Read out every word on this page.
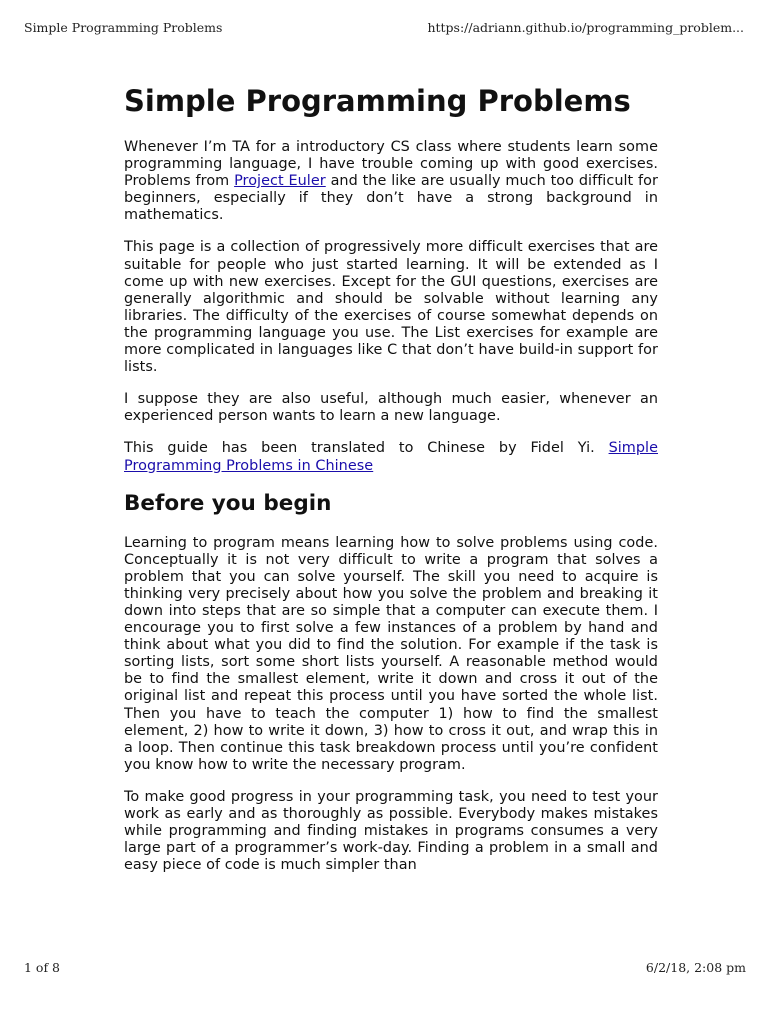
Simple Programming Problems	https://adriann.github.io/programming_problem...
Simple Programming Problems

Whenever I’m TA for a introductory CS class where students learn some programming language, I have trouble coming up with good exercises. Problems from Project Euler and the like are usually much too difficult for beginners, especially if they don’t have a strong background in mathematics.

This page is a collection of progressively more difficult exercises that are suitable for people who just started learning. It will be extended as I come up with new exercises. Except for the GUI questions, exercises are generally algorithmic and should be solvable without learning any libraries. The difficulty of the exercises of course somewhat depends on the programming language you use. The List exercises for example are more complicated in languages like C that don’t have build-in support for lists.

I suppose they are also useful, although much easier, whenever an experienced person wants to learn a new language.

This guide has been translated to Chinese by Fidel Yi. Simple Programming Problems in Chinese

Before you begin

Learning to program means learning how to solve problems using code. Conceptually it is not very difficult to write a program that solves a problem that you can solve yourself. The skill you need to acquire is thinking very precisely about how you solve the problem and breaking it down into steps that are so simple that a computer can execute them. I encourage you to first solve a few instances of a problem by hand and think about what you did to find the solution. For example if the task is sorting lists, sort some short lists yourself. A reasonable method would be to find the smallest element, write it down and cross it out of the original list and repeat this process until you have sorted the whole list. Then you have to teach the computer 1) how to find the smallest element, 2) how to write it down, 3) how to cross it out, and wrap this in a loop. Then continue this task breakdown process until you’re confident you know how to write the necessary program.

To make good progress in your programming task, you need to test your work as early and as thoroughly as possible. Everybody makes mistakes while programming and finding mistakes in programs consumes a very large part of a programmer’s work-day. Finding a problem in a small and easy piece of code is much simpler than

1 of 8	6/2/18, 2:08 pm
